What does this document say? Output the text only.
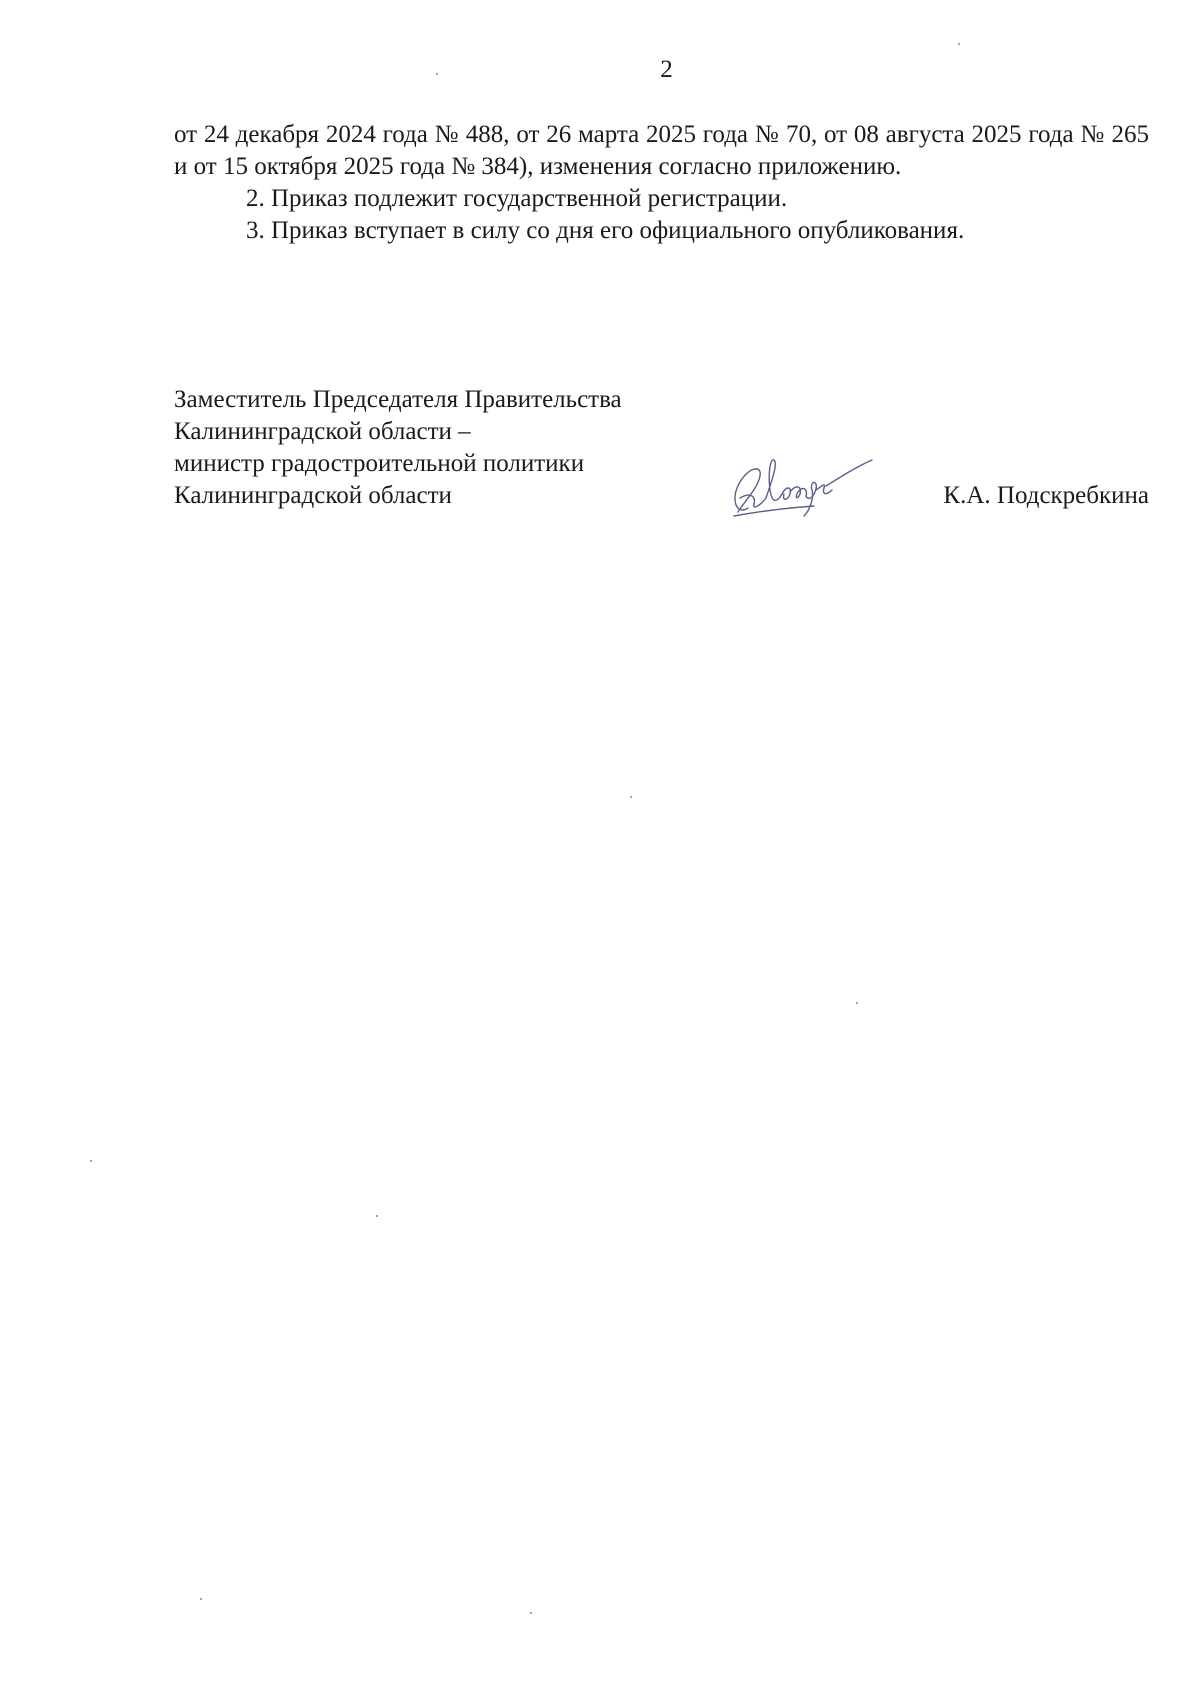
2

от 24 декабря 2024 года № 488, от 26 марта 2025 года № 70, от 08 августа 2025 года № 265 и от 15 октября 2025 года № 384), изменения согласно приложению.

2. Приказ подлежит государственной регистрации.

3. Приказ вступает в силу со дня его официального опубликования.

Заместитель Председателя Правительства
Калининградской области –
министр градостроительной политики
Калининградской области	К.А. Подскребкина
